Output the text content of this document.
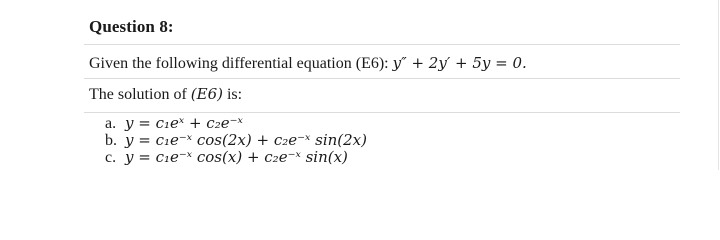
Question 8:
Given the following differential equation (E6): y″ + 2y′ + 5y = 0.
The solution of (E6) is:
a. y = c₁eˣ + c₂e⁻ˣ
b. y = c₁e⁻ˣ cos(2x) + c₂e⁻ˣ sin(2x)
c. y = c₁e⁻ˣ cos(x) + c₂e⁻ˣ sin(x)
